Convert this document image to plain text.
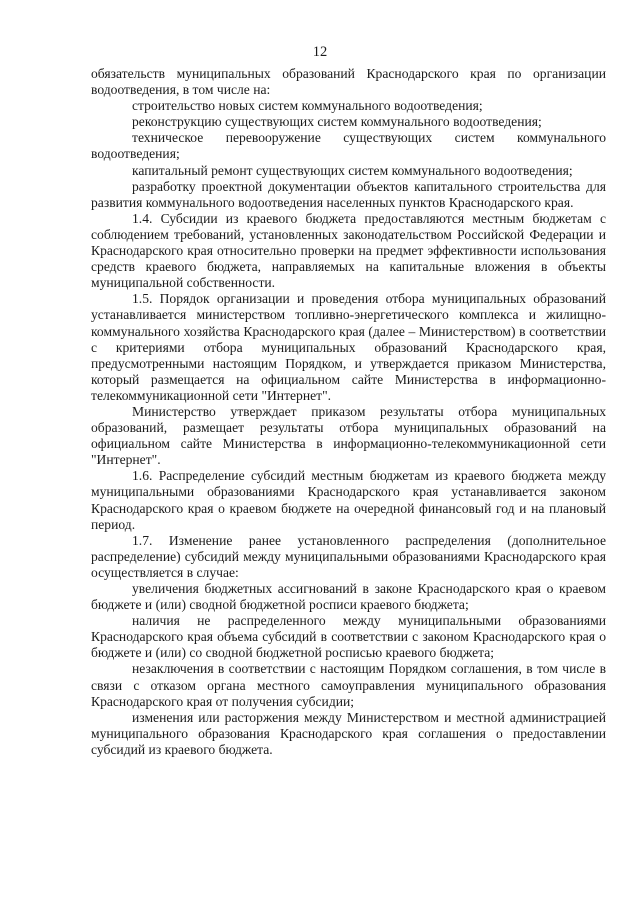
12

обязательств муниципальных образований Краснодарского края по организации водоотведения, в том числе на:

строительство новых систем коммунального водоотведения;

реконструкцию существующих систем коммунального водоотведения;

техническое перевооружение существующих систем коммунального водоотведения;

капитальный ремонт существующих систем коммунального водоотведения;

разработку проектной документации объектов капитального строительства для развития коммунального водоотведения населенных пунктов Краснодарского края.

1.4. Субсидии из краевого бюджета предоставляются местным бюджетам с соблюдением требований, установленных законодательством Российской Федерации и Краснодарского края относительно проверки на предмет эффективности использования средств краевого бюджета, направляемых на капитальные вложения в объекты муниципальной собственности.

1.5. Порядок организации и проведения отбора муниципальных образований устанавливается министерством топливно-энергетического комплекса и жилищно-коммунального хозяйства Краснодарского края (далее – Министерством) в соответствии с критериями отбора муниципальных образований Краснодарского края, предусмотренными настоящим Порядком, и утверждается приказом Министерства, который размещается на официальном сайте Министерства в информационно-телекоммуникационной сети "Интернет".

Министерство утверждает приказом результаты отбора муниципальных образований, размещает результаты отбора муниципальных образований на официальном сайте Министерства в информационно-телекоммуникационной сети "Интернет".

1.6. Распределение субсидий местным бюджетам из краевого бюджета между муниципальными образованиями Краснодарского края устанавливается законом Краснодарского края о краевом бюджете на очередной финансовый год и на плановый период.

1.7. Изменение ранее установленного распределения (дополнительное распределение) субсидий между муниципальными образованиями Краснодарского края осуществляется в случае:

увеличения бюджетных ассигнований в законе Краснодарского края о краевом бюджете и (или) сводной бюджетной росписи краевого бюджета;

наличия не распределенного между муниципальными образованиями Краснодарского края объема субсидий в соответствии с законом Краснодарского края о бюджете и (или) со сводной бюджетной росписью краевого бюджета;

незаключения в соответствии с настоящим Порядком соглашения, в том числе в связи с отказом органа местного самоуправления муниципального образования Краснодарского края от получения субсидии;

изменения или расторжения между Министерством и местной администрацией муниципального образования Краснодарского края соглашения о предоставлении субсидий из краевого бюджета.
